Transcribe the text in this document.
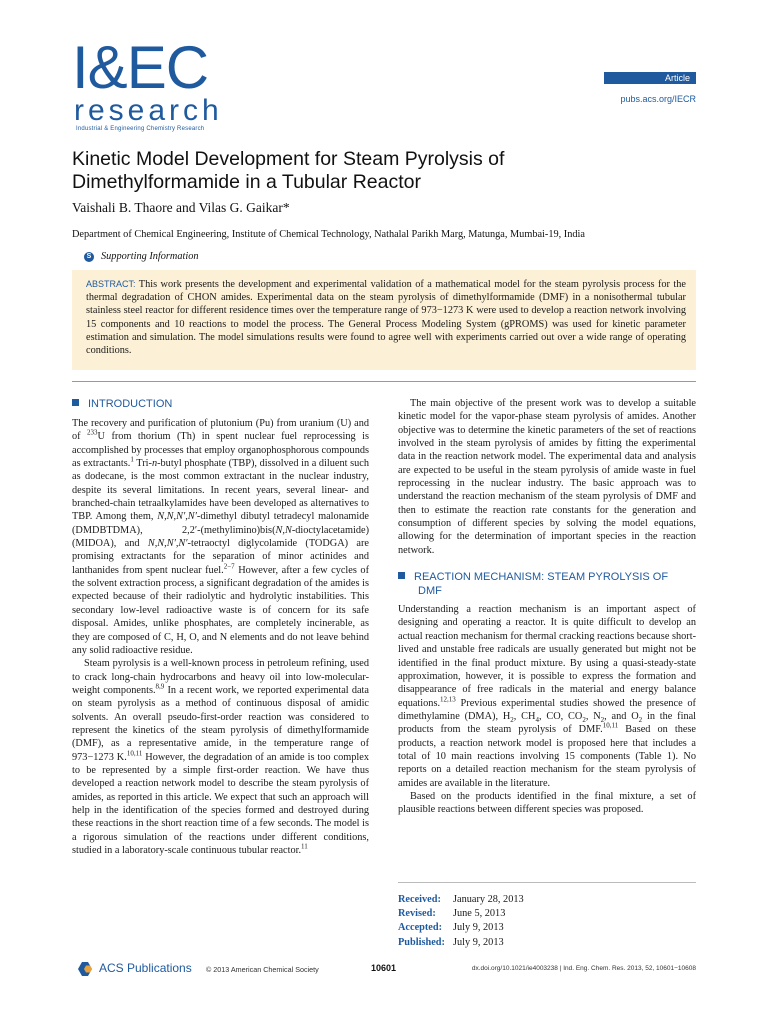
I&EC
research
Industrial & Engineering Chemistry Research
Article
pubs.acs.org/IECR
Kinetic Model Development for Steam Pyrolysis of
Dimethylformamide in a Tubular Reactor
Vaishali B. Thaore and Vilas G. Gaikar*
Department of Chemical Engineering, Institute of Chemical Technology, Nathalal Parikh Marg, Matunga, Mumbai-19, India
S Supporting Information
ABSTRACT: This work presents the development and experimental validation of a mathematical model for the steam pyrolysis process for the thermal degradation of CHON amides. Experimental data on the steam pyrolysis of dimethylformamide (DMF) in a nonisothermal tubular stainless steel reactor for different residence times over the temperature range of 973−1273 K were used to develop a reaction network involving 15 components and 10 reactions to model the process. The General Process Modeling System (gPROMS) was used for kinetic parameter estimation and simulation. The model simulations results were found to agree well with experiments carried out over a wide range of operating conditions.
INTRODUCTION

The recovery and purification of plutonium (Pu) from uranium (U) and of $^{233}$U from thorium (Th) in spent nuclear fuel reprocessing is accomplished by processes that employ organophosphorous compounds as extractants.$^1$ Tri-n-butyl phosphate (TBP), dissolved in a diluent such as dodecane, is the most common extractant in the nuclear industry, despite its several limitations. In recent years, several linear- and branched-chain tetraalkylamides have been developed as alternatives to TBP. Among them, N,N,N′,N′-dimethyl dibutyl tetradecyl malonamide (DMDBTDMA), 2,2′-(methylimino)bis(N,N-dioctylacetamide) (MIDOA), and N,N,N′,N′-tetraoctyl diglycolamide (TODGA) are promising extractants for the separation of minor actinides and lanthanides from spent nuclear fuel.$^{2-7}$ However, after a few cycles of the solvent extraction process, a significant degradation of the amides is expected because of their radiolytic and hydrolytic instabilities. This secondary low-level radioactive waste is of concern for its safe disposal. Amides, unlike phosphates, are completely incinerable, as they are composed of C, H, O, and N elements and do not leave behind any solid radioactive residue.

Steam pyrolysis is a well-known process in petroleum refining, used to crack long-chain hydrocarbons and heavy oil into low-molecular-weight components.$^{8,9}$ In a recent work, we reported experimental data on steam pyrolysis as a method of continuous disposal of amidic solvents. An overall pseudo-first-order reaction was considered to represent the kinetics of the steam pyrolysis of dimethylformamide (DMF), as a representative amide, in the temperature range of 973−1273 K.$^{10,11}$ However, the degradation of an amide is too complex to be represented by a simple first-order reaction. We have thus developed a reaction network model to describe the steam pyrolysis of amides, as reported in this article. We expect that such an approach will help in the identification of the species formed and destroyed during these reactions in the short reaction time of a few seconds. The model is a rigorous simulation of the reactions under different conditions, studied in a laboratory-scale continuous tubular reactor.$^{11}$

The main objective of the present work was to develop a suitable kinetic model for the vapor-phase steam pyrolysis of amides. Another objective was to determine the kinetic parameters of the set of reactions involved in the steam pyrolysis of amides by fitting the experimental data in the reaction network model. The experimental data and analysis are expected to be useful in the steam pyrolysis of amide waste in fuel reprocessing in the nuclear industry. The basic approach was to understand the reaction mechanism of the steam pyrolysis of DMF and then to estimate the reaction rate constants for the generation and consumption of different species by solving the model equations, allowing for the determination of important species in the reaction network.

REACTION MECHANISM: STEAM PYROLYSIS OF
DMF

Understanding a reaction mechanism is an important aspect of designing and operating a reactor. It is quite difficult to develop an actual reaction mechanism for thermal cracking reactions because short-lived and unstable free radicals are usually generated but might not be identified in the final product mixture. By using a quasi-steady-state approximation, however, it is possible to express the formation and disappearance of free radicals in the material and energy balance equations.$^{12,13}$ Previous experimental studies showed the presence of dimethylamine (DMA), $H_2$, $CH_4$, CO, $CO_2$, $N_2$, and $O_2$ in the final products from the steam pyrolysis of DMF.$^{10,11}$ Based on these products, a reaction network model is proposed here that includes a total of 10 main reactions involving 15 components (Table 1). No reports on a detailed reaction mechanism for the steam pyrolysis of amides are available in the literature.

Based on the products identified in the final mixture, a set of plausible reactions between different species was proposed.

Received:	January 28, 2013
Revised:	June 5, 2013
Accepted:	July 9, 2013
Published: July 9, 2013
ACS Publications © 2013 American Chemical Society	10601	dx.doi.org/10.1021/ie4003238 | Ind. Eng. Chem. Res. 2013, 52, 10601−10608
